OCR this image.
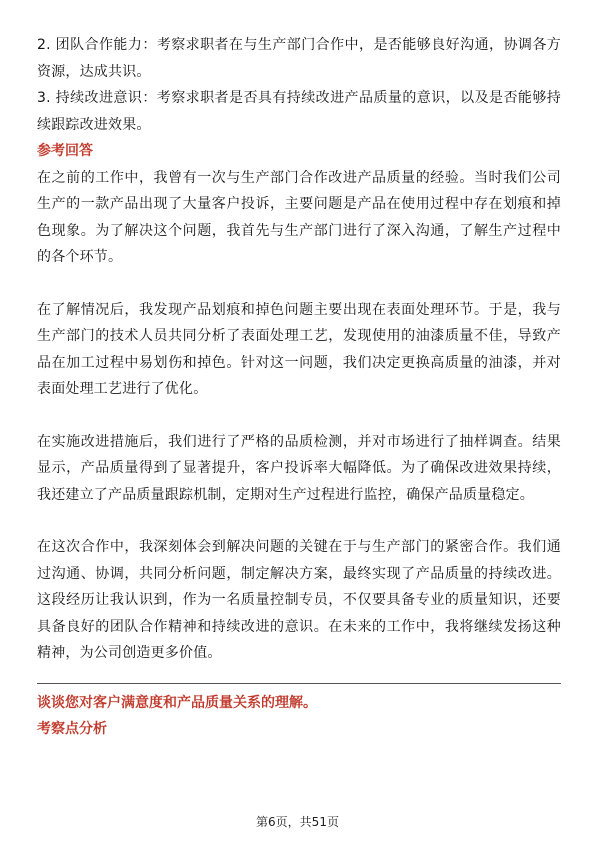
2. 团队合作能力：考察求职者在与生产部门合作中，是否能够良好沟通，协调各方资源，达成共识。

3. 持续改进意识：考察求职者是否具有持续改进产品质量的意识，以及是否能够持续跟踪改进效果。

参考回答

在之前的工作中，我曾有一次与生产部门合作改进产品质量的经验。当时我们公司生产的一款产品出现了大量客户投诉，主要问题是产品在使用过程中存在划痕和掉色现象。为了解决这个问题，我首先与生产部门进行了深入沟通，了解生产过程中的各个环节。

在了解情况后，我发现产品划痕和掉色问题主要出现在表面处理环节。于是，我与生产部门的技术人员共同分析了表面处理工艺，发现使用的油漆质量不佳，导致产品在加工过程中易划伤和掉色。针对这一问题，我们决定更换高质量的油漆，并对表面处理工艺进行了优化。

在实施改进措施后，我们进行了严格的品质检测，并对市场进行了抽样调查。结果显示，产品质量得到了显著提升，客户投诉率大幅降低。为了确保改进效果持续，我还建立了产品质量跟踪机制，定期对生产过程进行监控，确保产品质量稳定。

在这次合作中，我深刻体会到解决问题的关键在于与生产部门的紧密合作。我们通过沟通、协调，共同分析问题，制定解决方案，最终实现了产品质量的持续改进。这段经历让我认识到，作为一名质量控制专员，不仅要具备专业的质量知识，还要具备良好的团队合作精神和持续改进的意识。在未来的工作中，我将继续发扬这种精神，为公司创造更多价值。

谈谈您对客户满意度和产品质量关系的理解。

考察点分析

第6页，共51页
